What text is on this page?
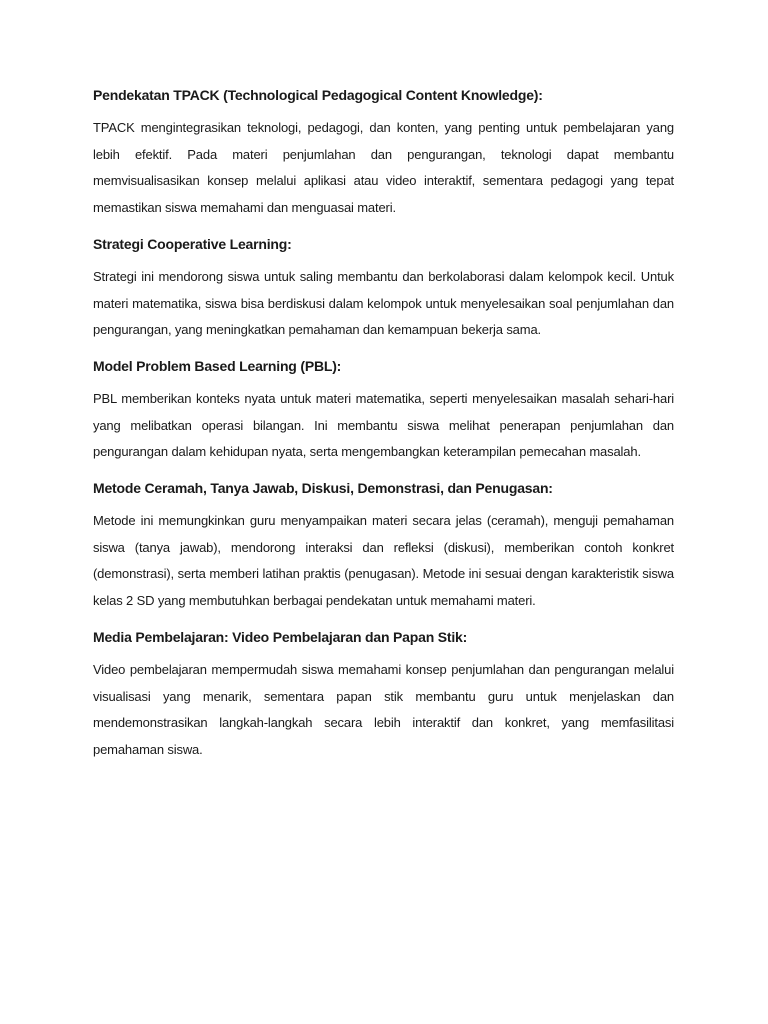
Pendekatan TPACK (Technological Pedagogical Content Knowledge):

TPACK mengintegrasikan teknologi, pedagogi, dan konten, yang penting untuk pembelajaran yang lebih efektif. Pada materi penjumlahan dan pengurangan, teknologi dapat membantu memvisualisasikan konsep melalui aplikasi atau video interaktif, sementara pedagogi yang tepat memastikan siswa memahami dan menguasai materi.

Strategi Cooperative Learning:

Strategi ini mendorong siswa untuk saling membantu dan berkolaborasi dalam kelompok kecil. Untuk materi matematika, siswa bisa berdiskusi dalam kelompok untuk menyelesaikan soal penjumlahan dan pengurangan, yang meningkatkan pemahaman dan kemampuan bekerja sama.

Model Problem Based Learning (PBL):

PBL memberikan konteks nyata untuk materi matematika, seperti menyelesaikan masalah sehari-hari yang melibatkan operasi bilangan. Ini membantu siswa melihat penerapan penjumlahan dan pengurangan dalam kehidupan nyata, serta mengembangkan keterampilan pemecahan masalah.

Metode Ceramah, Tanya Jawab, Diskusi, Demonstrasi, dan Penugasan:

Metode ini memungkinkan guru menyampaikan materi secara jelas (ceramah), menguji pemahaman siswa (tanya jawab), mendorong interaksi dan refleksi (diskusi), memberikan contoh konkret (demonstrasi), serta memberi latihan praktis (penugasan). Metode ini sesuai dengan karakteristik siswa kelas 2 SD yang membutuhkan berbagai pendekatan untuk memahami materi.

Media Pembelajaran: Video Pembelajaran dan Papan Stik:

Video pembelajaran mempermudah siswa memahami konsep penjumlahan dan pengurangan melalui visualisasi yang menarik, sementara papan stik membantu guru untuk menjelaskan dan mendemonstrasikan langkah-langkah secara lebih interaktif dan konkret, yang memfasilitasi pemahaman siswa.
